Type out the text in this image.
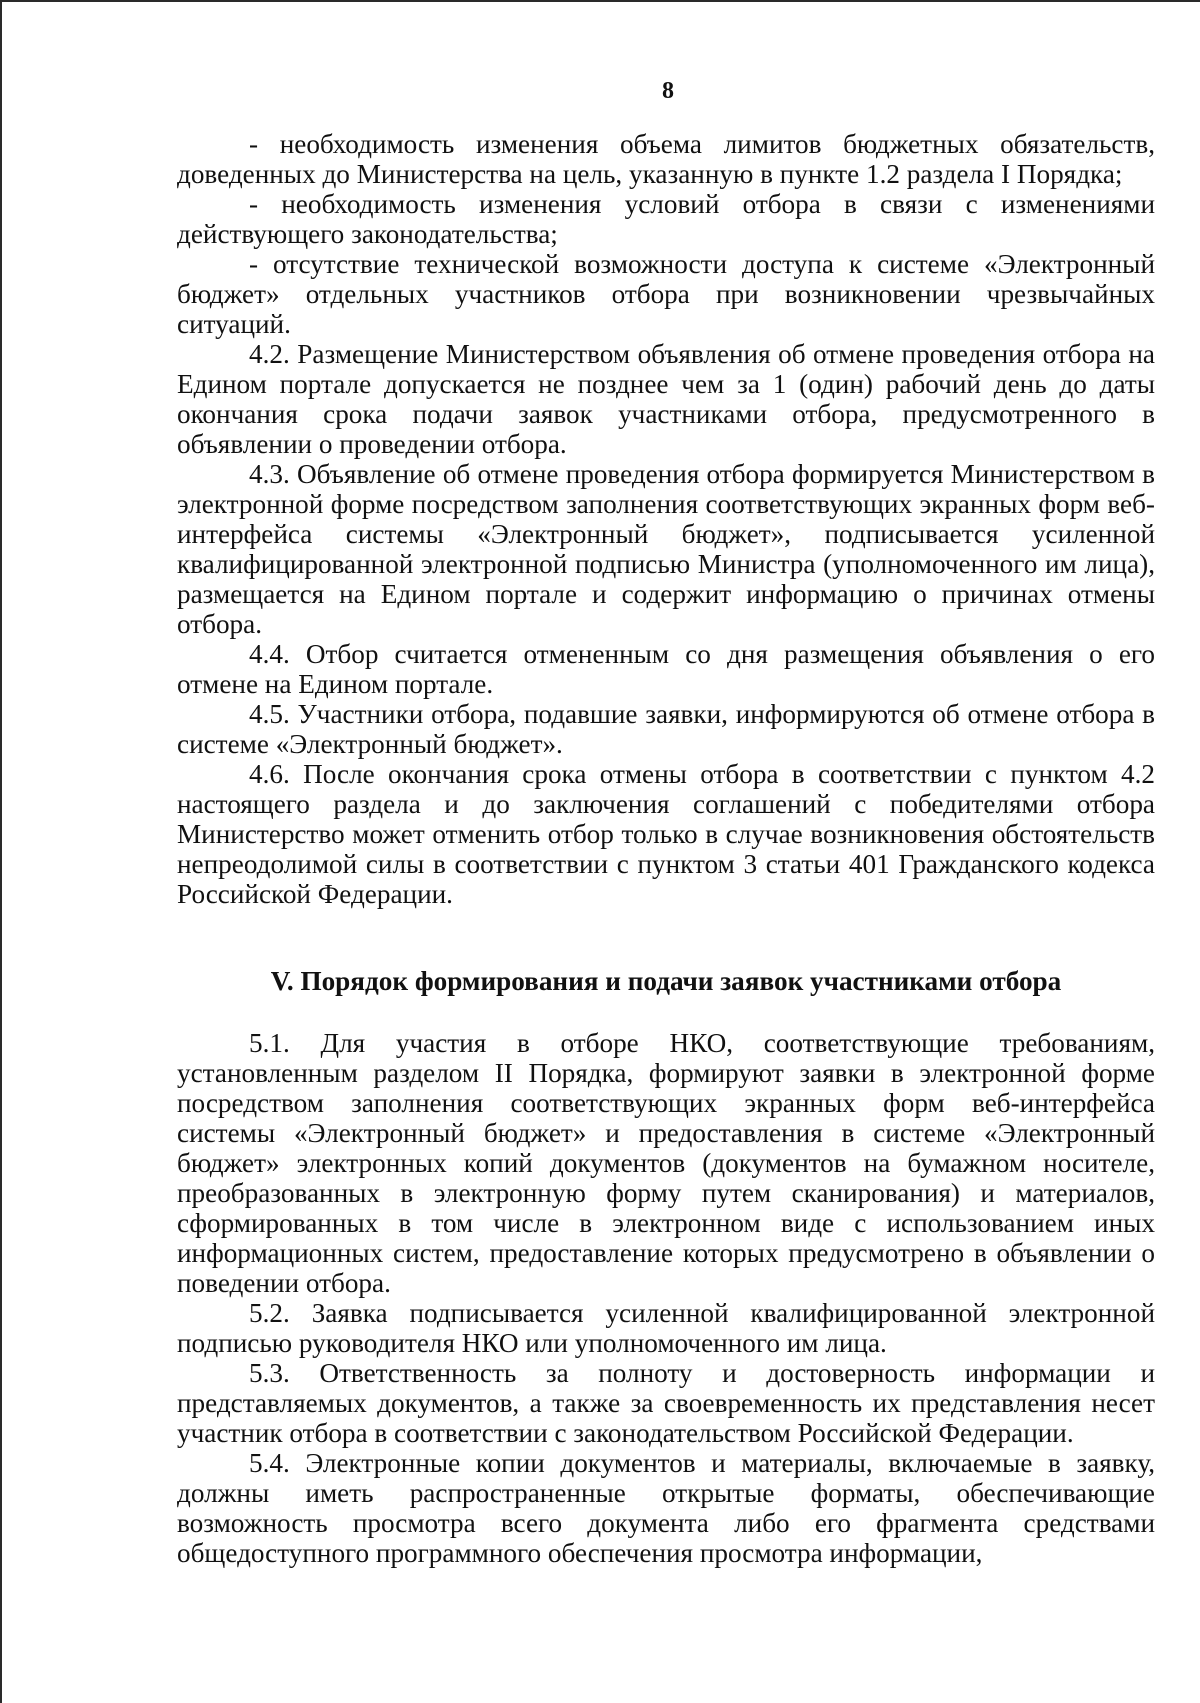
8

- необходимость изменения объема лимитов бюджетных обязательств, доведенных до Министерства на цель, указанную в пункте 1.2 раздела I Порядка;

- необходимость изменения условий отбора в связи с изменениями действующего законодательства;

- отсутствие технической возможности доступа к системе «Электронный бюджет» отдельных участников отбора при возникновении чрезвычайных ситуаций.

4.2. Размещение Министерством объявления об отмене проведения отбора на Едином портале допускается не позднее чем за 1 (один) рабочий день до даты окончания срока подачи заявок участниками отбора, предусмотренного в объявлении о проведении отбора.

4.3. Объявление об отмене проведения отбора формируется Министерством в электронной форме посредством заполнения соответствующих экранных форм веб-интерфейса системы «Электронный бюджет», подписывается усиленной квалифицированной электронной подписью Министра (уполномоченного им лица), размещается на Едином портале и содержит информацию о причинах отмены отбора.

4.4. Отбор считается отмененным со дня размещения объявления о его отмене на Едином портале.

4.5. Участники отбора, подавшие заявки, информируются об отмене отбора в системе «Электронный бюджет».

4.6. После окончания срока отмены отбора в соответствии с пунктом 4.2 настоящего раздела и до заключения соглашений с победителями отбора Министерство может отменить отбор только в случае возникновения обстоятельств непреодолимой силы в соответствии с пунктом 3 статьи 401 Гражданского кодекса Российской Федерации.

V. Порядок формирования и подачи заявок участниками отбора

5.1. Для участия в отборе НКО, соответствующие требованиям, установленным разделом II Порядка, формируют заявки в электронной форме посредством заполнения соответствующих экранных форм веб-интерфейса системы «Электронный бюджет» и предоставления в системе «Электронный бюджет» электронных копий документов (документов на бумажном носителе, преобразованных в электронную форму путем сканирования) и материалов, сформированных в том числе в электронном виде с использованием иных информационных систем, предоставление которых предусмотрено в объявлении о поведении отбора.

5.2. Заявка подписывается усиленной квалифицированной электронной подписью руководителя НКО или уполномоченного им лица.

5.3. Ответственность за полноту и достоверность информации и представляемых документов, а также за своевременность их представления несет участник отбора в соответствии с законодательством Российской Федерации.

5.4. Электронные копии документов и материалы, включаемые в заявку, должны иметь распространенные открытые форматы, обеспечивающие возможность просмотра всего документа либо его фрагмента средствами общедоступного программного обеспечения просмотра информации,
